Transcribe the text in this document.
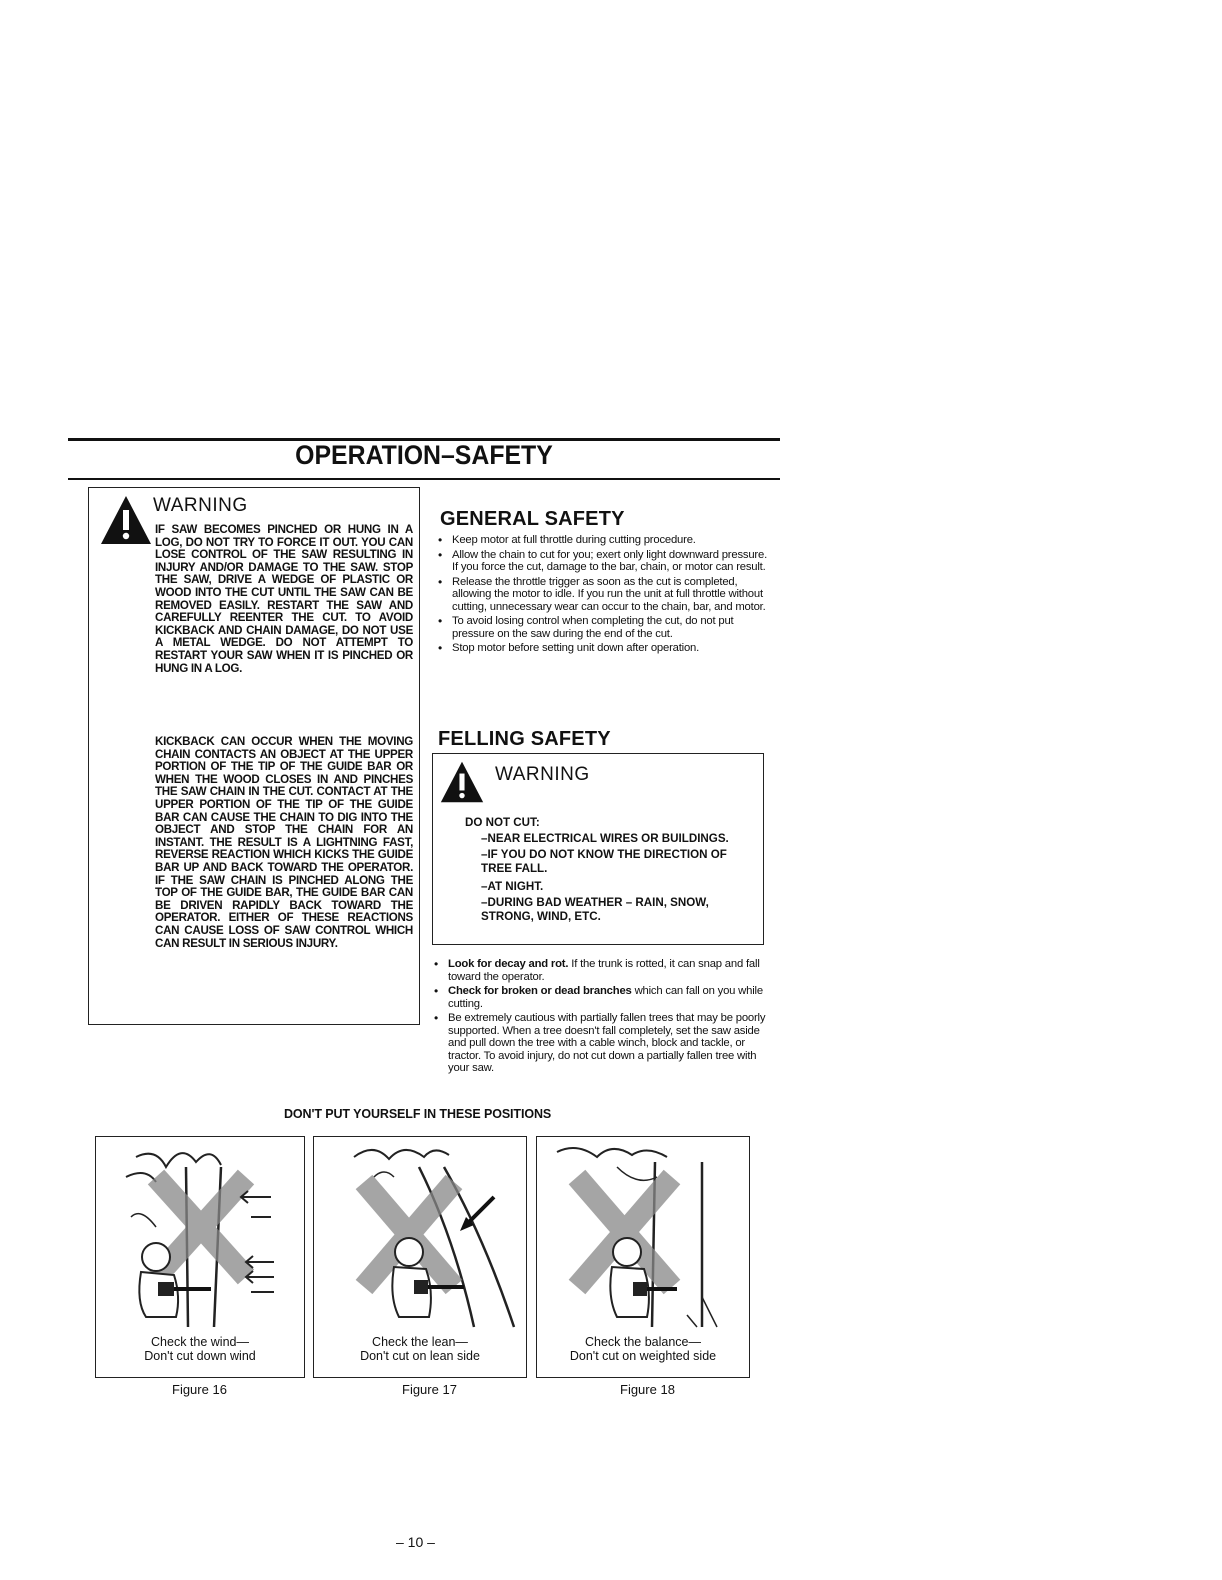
OPERATION–SAFETY
WARNING
IF SAW BECOMES PINCHED OR HUNG IN A LOG, DO NOT TRY TO FORCE IT OUT. YOU CAN LOSE CONTROL OF THE SAW RESULTING IN INJURY AND/OR DAMAGE TO THE SAW. STOP THE SAW, DRIVE A WEDGE OF PLASTIC OR WOOD INTO THE CUT UNTIL THE SAW CAN BE REMOVED EASILY. RESTART THE SAW AND CAREFULLY REENTER THE CUT. TO AVOID KICKBACK AND CHAIN DAMAGE, DO NOT USE A METAL WEDGE. DO NOT ATTEMPT TO RESTART YOUR SAW WHEN IT IS PINCHED OR HUNG IN A LOG.
KICKBACK CAN OCCUR WHEN THE MOVING CHAIN CONTACTS AN OBJECT AT THE UPPER PORTION OF THE TIP OF THE GUIDE BAR OR WHEN THE WOOD CLOSES IN AND PINCHES THE SAW CHAIN IN THE CUT. CONTACT AT THE UPPER PORTION OF THE TIP OF THE GUIDE BAR CAN CAUSE THE CHAIN TO DIG INTO THE OBJECT AND STOP THE CHAIN FOR AN INSTANT. THE RESULT IS A LIGHTNING FAST, REVERSE REACTION WHICH KICKS THE GUIDE BAR UP AND BACK TOWARD THE OPERATOR. IF THE SAW CHAIN IS PINCHED ALONG THE TOP OF THE GUIDE BAR, THE GUIDE BAR CAN BE DRIVEN RAPIDLY BACK TOWARD THE OPERATOR. EITHER OF THESE REACTIONS CAN CAUSE LOSS OF SAW CONTROL WHICH CAN RESULT IN SERIOUS INJURY.
GENERAL SAFETY
• Keep motor at full throttle during cutting procedure.
• Allow the chain to cut for you; exert only light downward pressure. If you force the cut, damage to the bar, chain, or motor can result.
• Release the throttle trigger as soon as the cut is completed, allowing the motor to idle. If you run the unit at full throttle without cutting, unnecessary wear can occur to the chain, bar, and motor.
• To avoid losing control when completing the cut, do not put pressure on the saw during the end of the cut.
• Stop motor before setting unit down after operation.
FELLING SAFETY
WARNING
DO NOT CUT:
–NEAR ELECTRICAL WIRES OR BUILDINGS.
–IF YOU DO NOT KNOW THE DIRECTION OF TREE FALL.
–AT NIGHT.
–DURING BAD WEATHER – RAIN, SNOW, STRONG, WIND, ETC.
• Look for decay and rot. If the trunk is rotted, it can snap and fall toward the operator.
• Check for broken or dead branches which can fall on you while cutting.
• Be extremely cautious with partially fallen trees that may be poorly supported. When a tree doesn't fall completely, set the saw aside and pull down the tree with a cable winch, block and tackle, or tractor. To avoid injury, do not cut down a partially fallen tree with your saw.
DON'T PUT YOURSELF IN THESE POSITIONS
Check the wind—
Don't cut down wind
Figure 16
Check the lean—
Don't cut on lean side
Figure 17
Check the balance—
Don't cut on weighted side
Figure 18
– 10 –
